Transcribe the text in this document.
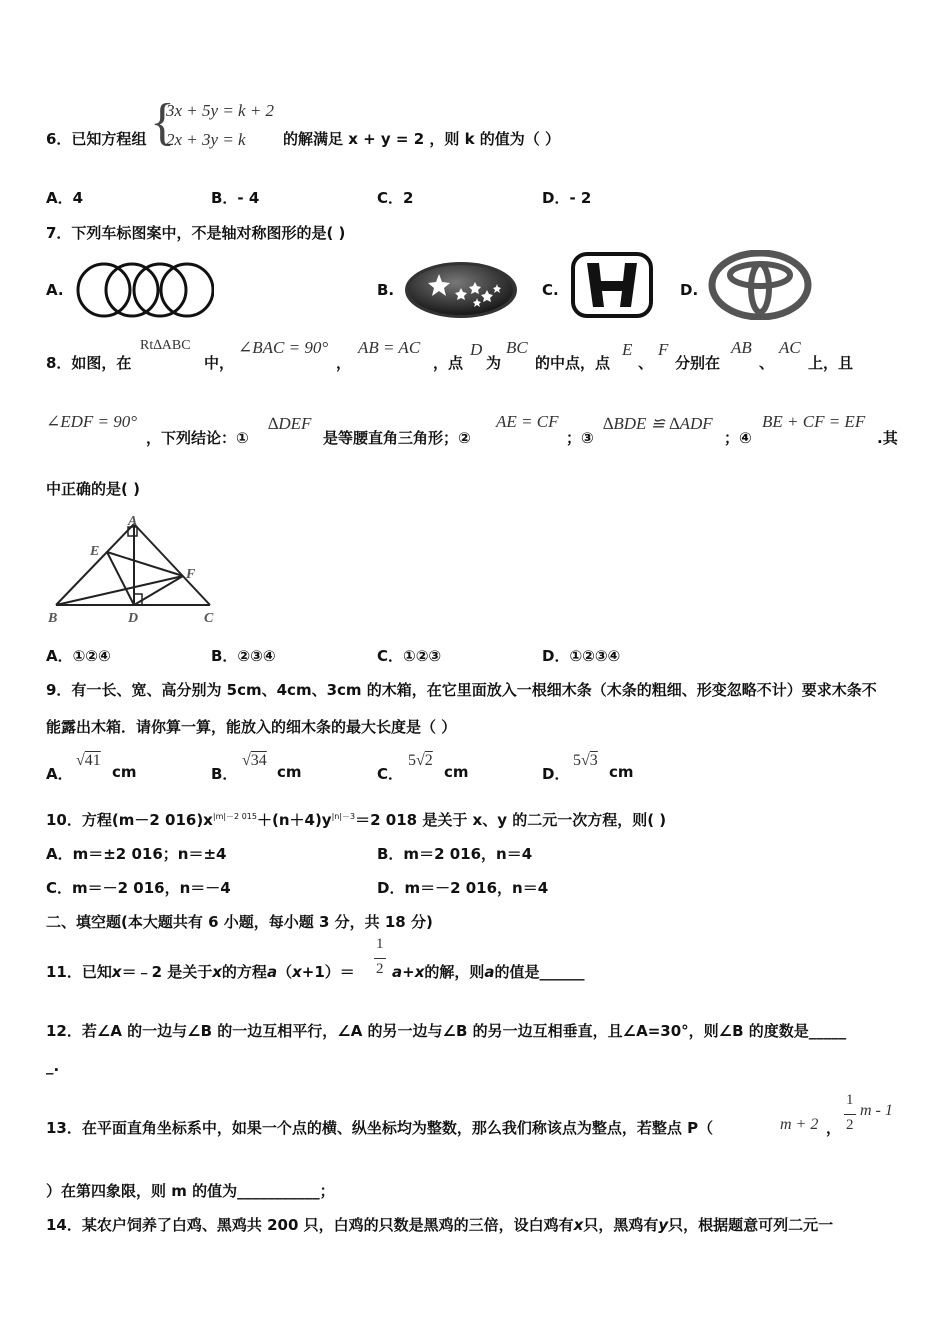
6．已知方程组 {
3x + 5y = k + 2
2x + 3y = k 的解满足 x + y = 2 ，则 k 的值为（ ）
A．4	B．- 4	C．2	D．- 2
7．下列车标图案中，不是轴对称图形的是( )
A.	B.	C.	D.
8．如图，在
Rt∆ABC
中，
∠BAC = 90°
，
AB = AC
，点
D
为
BC
的中点，点
E
、
F
分别在
AB
、
AC
上，且
∠EDF = 90°
，下列结论：①
∆DEF
是等腰直角三角形；②
AE = CF
；③
∆BDE ≌ ∆ADF
；④
BE + CF = EF
.其
中正确的是( )
A
E
F
B	D	C
A．①②④	B．②③④	C．①②③	D．①②③④
9．有一长、宽、高分别为 5cm、4cm、3cm 的木箱，在它里面放入一根细木条（木条的粗细、形变忽略不计）要求木条不
能露出木箱．请你算一算，能放入的细木条的最大长度是（ ）
A．
√41
cm	B．
√34
cm	C．
5√2
cm	D．
5√3
cm
10．方程(m－2 $016)x^{|m|-2 015}+(n+4)y^{|n|-3}=2$ 018 是关于 x、y 的二元一次方程，则( )
A．m＝±2 016；n＝±4	B．m＝2 016，n＝4
C．m＝－2 016，n＝－4	D．m＝－2 016，n＝4
二、填空题(本大题共有 6 小题，每小题 3 分，共 18 分)
11．已知x＝﹣2 是关于x的方程a（x+1）＝
1
2 a+x的解，则a的值是______
12．若∠A 的一边与∠B 的一边互相平行，∠A 的另一边与∠B 的另一边互相垂直，且∠A=30°，则∠B 的度数是_____
_.
13．在平面直角坐标系中，如果一个点的横、纵坐标均为整数，那么我们称该点为整点，若整点 P（	m + 2 ，
1
2
m - 1
）在第四象限，则 m 的值为___________；
14．某农户饲养了白鸡、黑鸡共 200 只，白鸡的只数是黑鸡的三倍，设白鸡有x只，黑鸡有y只，根据题意可列二元一
